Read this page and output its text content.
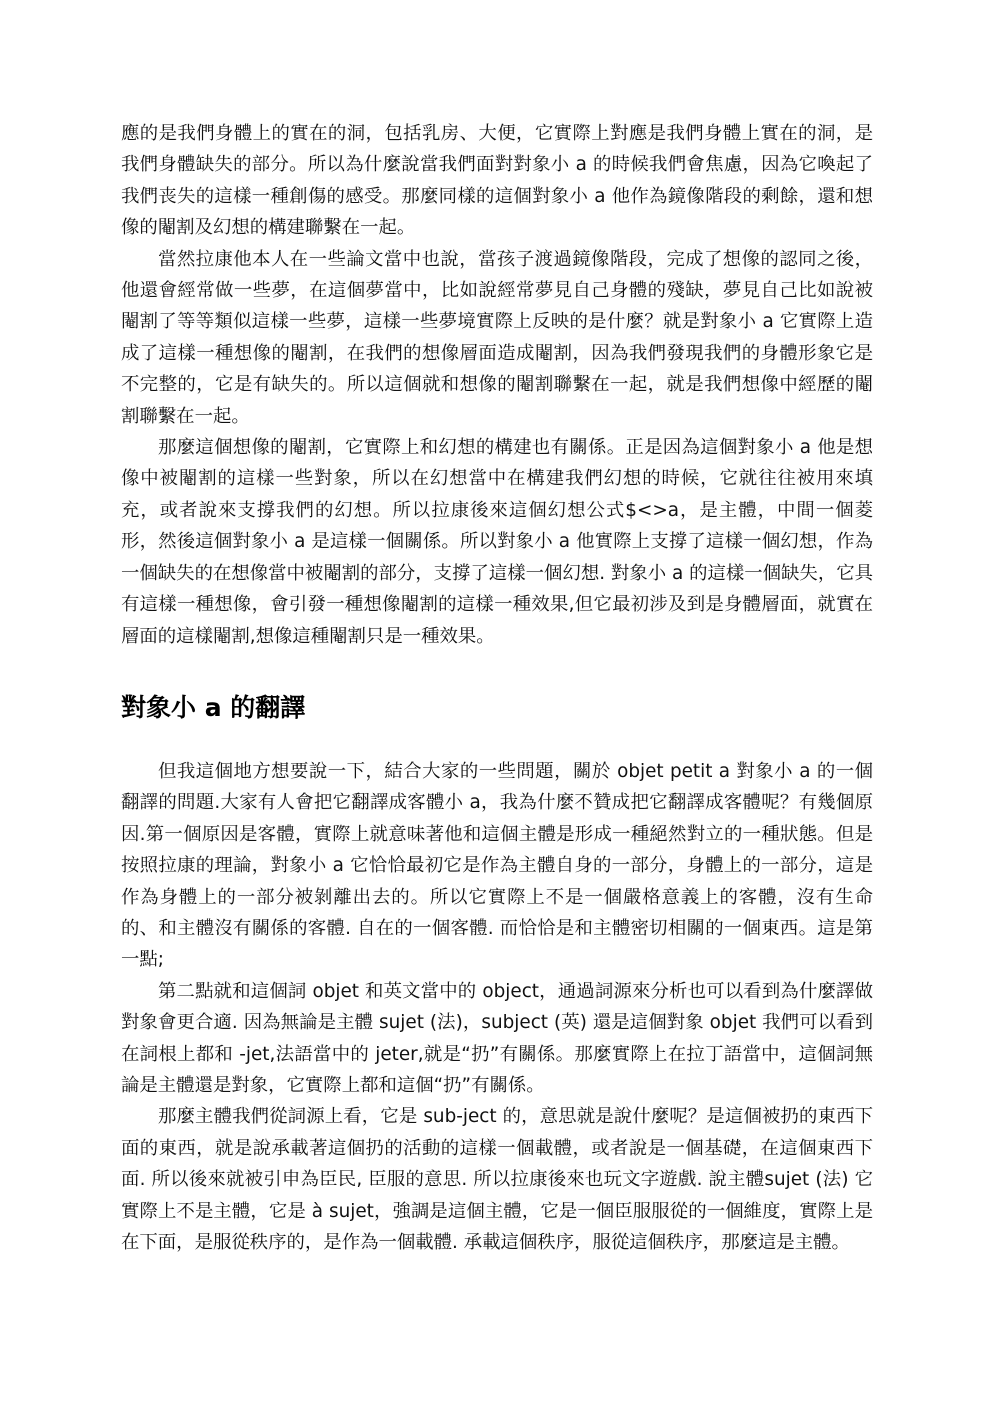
應的是我們身體上的實在的洞，包括乳房、大便，它實際上對應是我們身體上實在的洞，是我們身體缺失的部分。所以為什麼說當我們面對對象小 a 的時候我們會焦慮，因為它喚起了我們丧失的這樣一種創傷的感受。那麼同樣的這個對象小 a 他作為鏡像階段的剩餘，還和想像的閹割及幻想的構建聯繫在一起。

當然拉康他本人在一些論文當中也說，當孩子渡過鏡像階段，完成了想像的認同之後，他還會經常做一些夢，在這個夢當中，比如說經常夢見自己身體的殘缺，夢見自己比如說被閹割了等等類似這樣一些夢，這樣一些夢境實際上反映的是什麼？就是對象小 a 它實際上造成了這樣一種想像的閹割，在我們的想像層面造成閹割，因為我們發現我們的身體形象它是不完整的，它是有缺失的。所以這個就和想像的閹割聯繫在一起，就是我們想像中經歷的閹割聯繫在一起。

那麼這個想像的閹割，它實際上和幻想的構建也有關係。正是因為這個對象小 a 他是想像中被閹割的這樣一些對象，所以在幻想當中在構建我們幻想的時候，它就往往被用來填充，或者說來支撐我們的幻想。所以拉康後來這個幻想公式$<>a，是主體，中間一個菱形，然後這個對象小 a 是這樣一個關係。所以對象小 a 他實際上支撐了這樣一個幻想，作為一個缺失的在想像當中被閹割的部分，支撐了這樣一個幻想. 對象小 a 的這樣一個缺失，它具有這樣一種想像，會引發一種想像閹割的這樣一種效果,但它最初涉及到是身體層面，就實在層面的這樣閹割,想像這種閹割只是一種效果。

對象小 a 的翻譯

但我這個地方想要說一下，結合大家的一些問題，關於 objet petit a 對象小 a 的一個翻譯的問題.大家有人會把它翻譯成客體小 a，我為什麼不贊成把它翻譯成客體呢？有幾個原因.第一個原因是客體，實際上就意味著他和這個主體是形成一種絕然對立的一種狀態。但是按照拉康的理論，對象小 a 它恰恰最初它是作為主體自身的一部分，身體上的一部分，這是作為身體上的一部分被剝離出去的。所以它實際上不是一個嚴格意義上的客體，沒有生命的、和主體沒有關係的客體. 自在的一個客體. 而恰恰是和主體密切相關的一個東西。這是第一點;

第二點就和這個詞 objet 和英文當中的 object，通過詞源來分析也可以看到為什麼譯做對象會更合適. 因為無論是主體 sujet (法)，subject (英) 還是這個對象 objet 我們可以看到在詞根上都和 -jet,法語當中的 jeter,就是“扔”有關係。那麼實際上在拉丁語當中，這個詞無論是主體還是對象，它實際上都和這個“扔”有關係。

那麼主體我們從詞源上看，它是 sub-ject 的，意思就是說什麼呢？是這個被扔的東西下面的東西，就是說承載著這個扔的活動的這樣一個載體，或者說是一個基礎，在這個東西下面. 所以後來就被引申為臣民, 臣服的意思. 所以拉康後來也玩文字遊戲. 說主體sujet (法) 它實際上不是主體，它是 à sujet，強調是這個主體，它是一個臣服服從的一個維度，實際上是在下面，是服從秩序的，是作為一個載體. 承載這個秩序，服從這個秩序，那麼這是主體。
